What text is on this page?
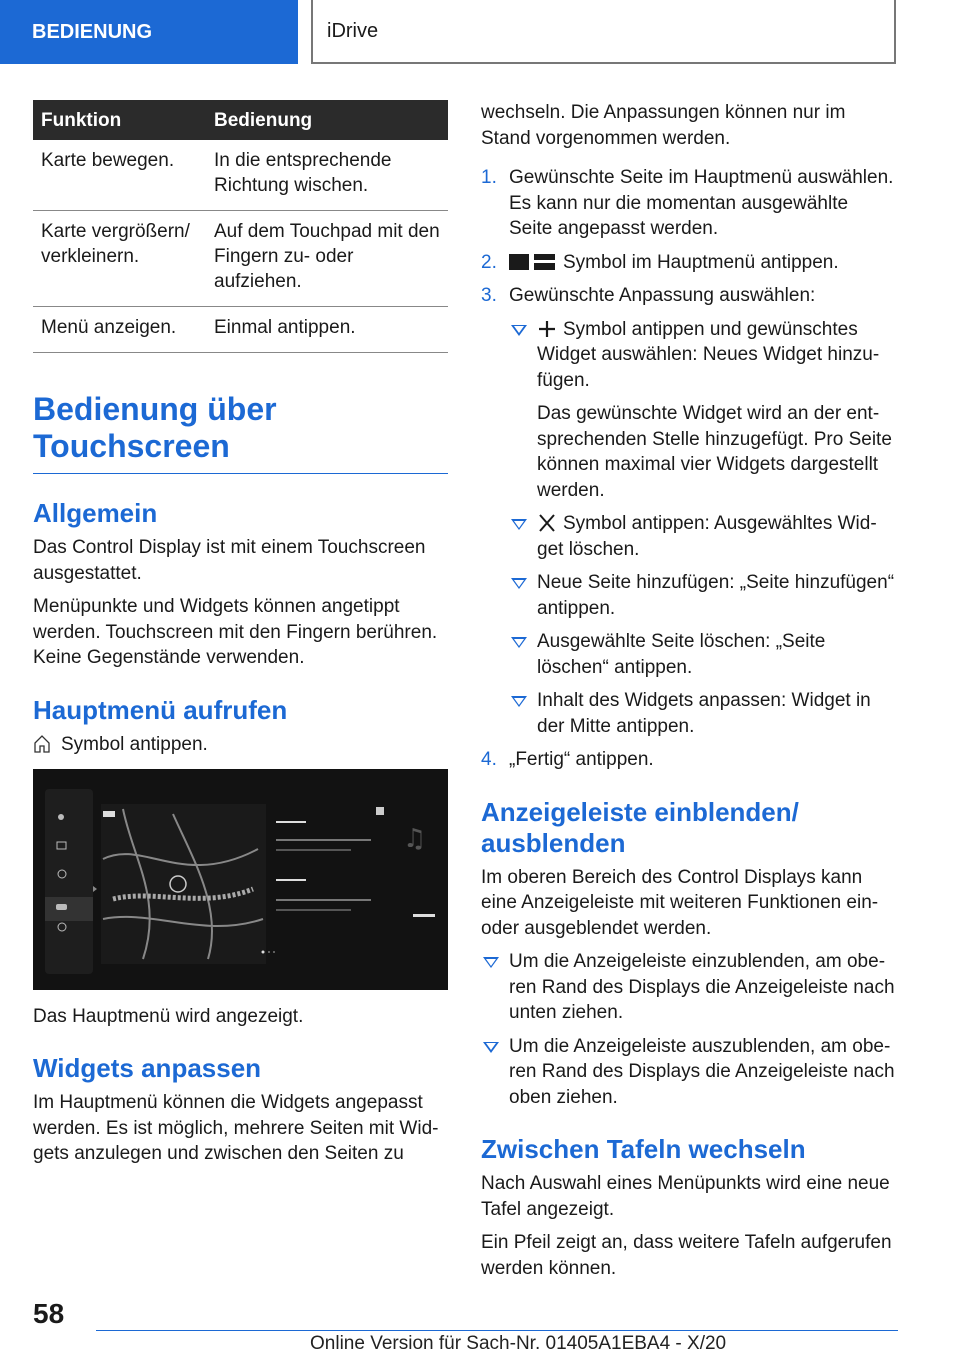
BEDIENUNG	iDrive
Funktion	Bedienung
Karte bewegen.	In die entsprechende Richtung wischen.
Karte vergrößern/ verkleinern.	Auf dem Touchpad mit den Fingern zu- oder aufziehen.
Menü anzeigen.	Einmal antippen.
Bedienung über Touchscreen
Allgemein

Das Control Display ist mit einem Touchscreen ausgestattet.

Menüpunkte und Widgets können angetippt werden. Touchscreen mit den Fingern berühren. Keine Gegenstände verwenden.

Hauptmenü aufrufen
Symbol antippen.
♫

Das Hauptmenü wird angezeigt.

Widgets anpassen

Im Hauptmenü können die Widgets angepasst werden. Es ist möglich, mehrere Seiten mit Widgets anzulegen und zwischen den Seiten zu

wechseln. Die Anpassungen können nur im Stand vorgenommen werden.

1. Gewünschte Seite im Hauptmenü auswählen. Es kann nur die momentan ausgewählte Seite angepasst werden.
2.	Symbol im Hauptmenü antippen.
3. Gewünschte Anpassung auswählen:
Symbol antippen und gewünschtes Widget auswählen: Neues Widget hinzufügen.
Das gewünschte Widget wird an der entsprechenden Stelle hinzugefügt. Pro Seite können maximal vier Widgets dargestellt werden.
Symbol antippen: Ausgewähltes Widget löschen.
Neue Seite hinzufügen: „Seite hinzufügen“ antippen.
Ausgewählte Seite löschen: „Seite löschen“ antippen.
Inhalt des Widgets anpassen: Widget in der Mitte antippen.
4. „Fertig“ antippen.
Anzeigeleiste einblenden/ ausblenden

Im oberen Bereich des Control Displays kann eine Anzeigeleiste mit weiteren Funktionen einoder ausgeblendet werden.

Um die Anzeigeleiste einzublenden, am oberen Rand des Displays die Anzeigeleiste nach unten ziehen.
Um die Anzeigeleiste auszublenden, am oberen Rand des Displays die Anzeigeleiste nach oben ziehen.
Zwischen Tafeln wechseln

Nach Auswahl eines Menüpunkts wird eine neue Tafel angezeigt.

Ein Pfeil zeigt an, dass weitere Tafeln aufgerufen werden können.

58
Online Version für Sach-Nr. 01405A1EBA4 - X/20
